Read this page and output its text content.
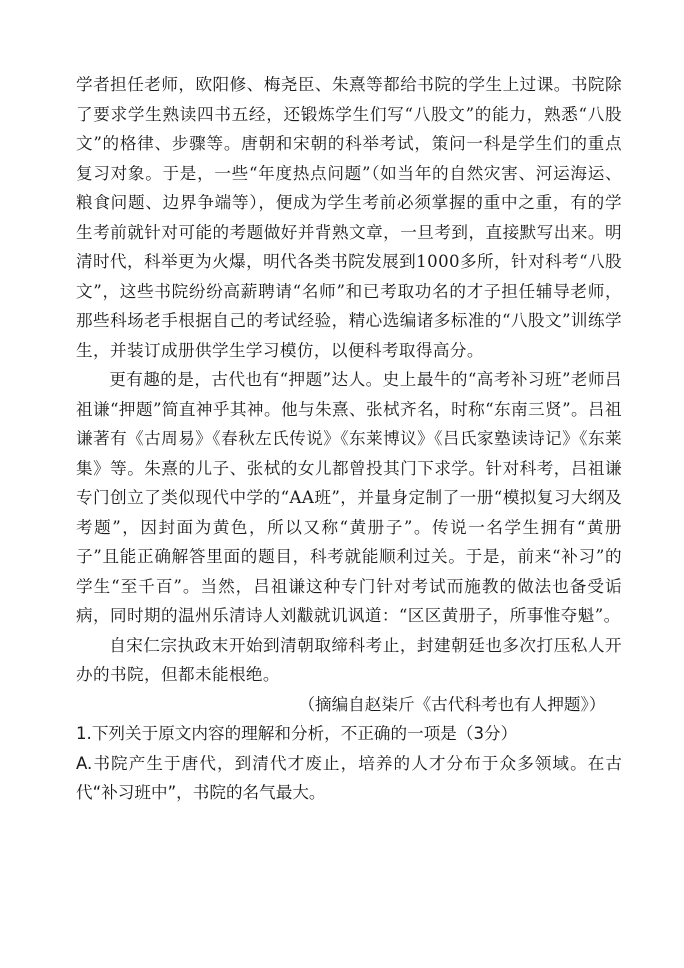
学者担任老师，欧阳修、梅尧臣、朱熹等都给书院的学生上过课。书院除了要求学生熟读四书五经，还锻炼学生们写“八股文”的能力，熟悉“八股文”的格律、步骤等。唐朝和宋朝的科举考试，策问一科是学生们的重点复习对象。于是，一些“年度热点问题”（如当年的自然灾害、河运海运、粮食问题、边界争端等），便成为学生考前必须掌握的重中之重，有的学生考前就针对可能的考题做好并背熟文章，一旦考到，直接默写出来。明清时代，科举更为火爆，明代各类书院发展到1000多所，针对科考“八股文”，这些书院纷纷高薪聘请“名师”和已考取功名的才子担任辅导老师，那些科场老手根据自己的考试经验，精心选编诸多标准的“八股文”训练学生，并装订成册供学生学习模仿，以便科考取得高分。

更有趣的是，古代也有“押题”达人。史上最牛的“高考补习班”老师吕祖谦“押题”简直神乎其神。他与朱熹、张栻齐名，时称“东南三贤”。吕祖谦著有《古周易》《春秋左氏传说》《东莱博议》《吕氏家塾读诗记》《东莱集》等。朱熹的儿子、张栻的女儿都曾投其门下求学。针对科考，吕祖谦专门创立了类似现代中学的“AA班”，并量身定制了一册“模拟复习大纲及考题”，因封面为黄色，所以又称“黄册子”。传说一名学生拥有“黄册子”且能正确解答里面的题目，科考就能顺利过关。于是，前来“补习”的学生“至千百”。当然，吕祖谦这种专门针对考试而施教的做法也备受诟病，同时期的温州乐清诗人刘黻就讥讽道：“区区黄册子，所事惟夺魁”。

自宋仁宗执政末开始到清朝取缔科考止，封建朝廷也多次打压私人开办的书院，但都未能根绝。

（摘编自赵柒斤《古代科考也有人押题》）

1.下列关于原文内容的理解和分析，不正确的一项是（3分）

A.书院产生于唐代，到清代才废止，培养的人才分布于众多领域。在古代“补习班中”，书院的名气最大。
